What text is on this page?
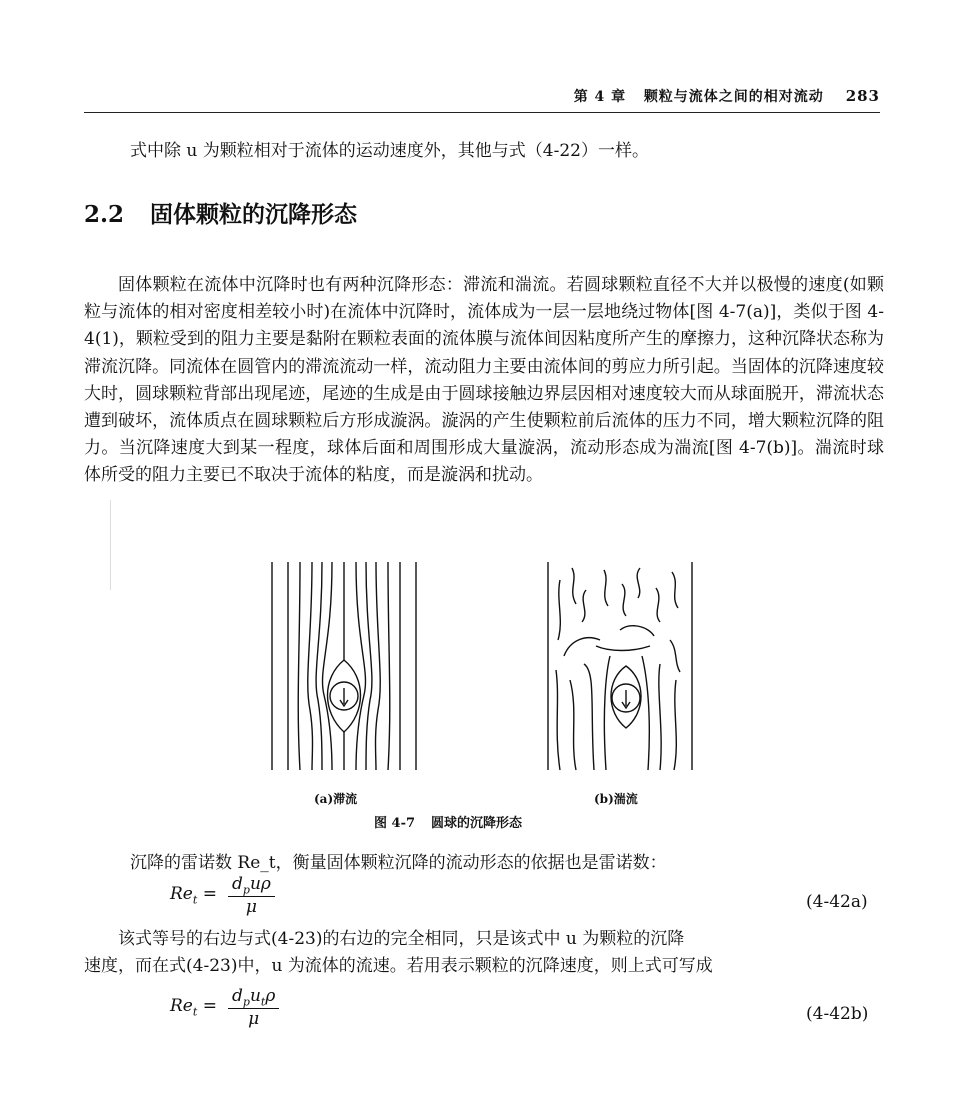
第 4 章 颗粒与流体之间的相对流动 283
式中除 u 为颗粒相对于流体的运动速度外，其他与式（4-22）一样。
2.2 固体颗粒的沉降形态

固体颗粒在流体中沉降时也有两种沉降形态：滞流和湍流。若圆球颗粒直径不大并以极慢的速度(如颗粒与流体的相对密度相差较小时)在流体中沉降时，流体成为一层一层地绕过物体[图 4-7(a)]，类似于图 4-4(1)，颗粒受到的阻力主要是黏附在颗粒表面的流体膜与流体间因粘度所产生的摩擦力，这种沉降状态称为滞流沉降。同流体在圆管内的滞流流动一样，流动阻力主要由流体间的剪应力所引起。当固体的沉降速度较大时，圆球颗粒背部出现尾迹，尾迹的生成是由于圆球接触边界层因相对速度较大而从球面脱开，滞流状态遭到破坏，流体质点在圆球颗粒后方形成漩涡。漩涡的产生使颗粒前后流体的压力不同，增大颗粒沉降的阻力。当沉降速度大到某一程度，球体后面和周围形成大量漩涡，流动形态成为湍流[图 4-7(b)]。湍流时球体所受的阻力主要已不取决于流体的粘度，而是漩涡和扰动。

(a)滞流	(b)湍流
图 4-7 圆球的沉降形态
沉降的雷诺数 Re_t，衡量固体颗粒沉降的流动形态的依据也是雷诺数：
$Re_t = d_pu\rho$
μ	(4-42a)

该式等号的右边与式(4-23)的右边的完全相同，只是该式中 u 为颗粒的沉降

速度，而在式(4-23)中，u 为流体的流速。若用表示颗粒的沉降速度，则上式可写成
$Re_t = d_pu_t\rho$
μ	(4-42b)
